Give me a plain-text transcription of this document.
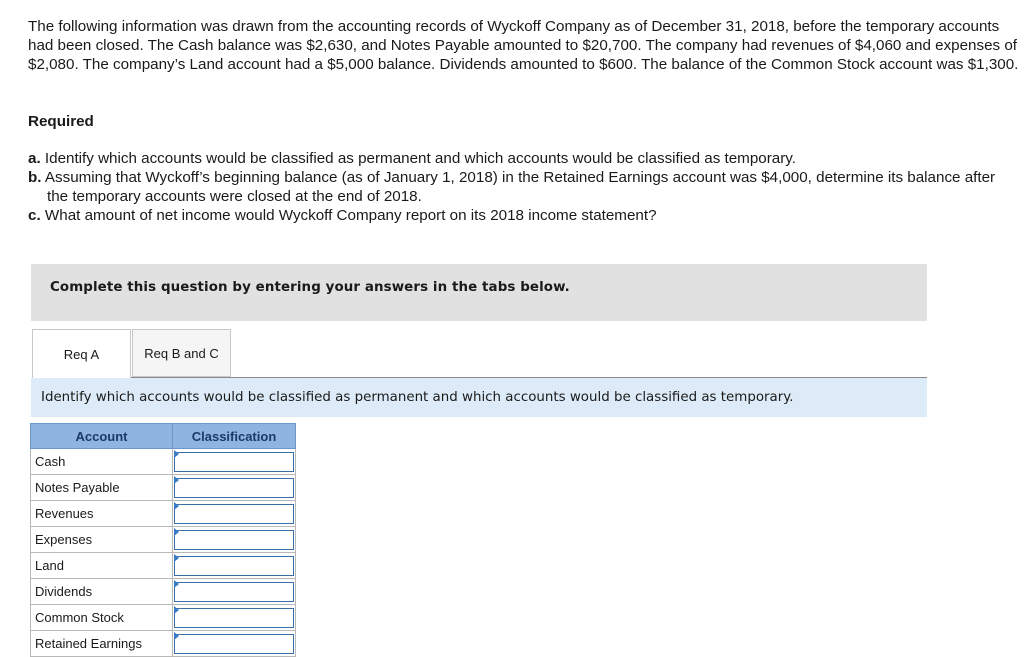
The following information was drawn from the accounting records of Wyckoff Company as of December 31, 2018, before the temporary accounts had been closed. The Cash balance was $2,630, and Notes Payable amounted to $20,700. The company had revenues of $4,060 and expenses of $2,080. The company’s Land account had a $5,000 balance. Dividends amounted to $600. The balance of the Common Stock account was $1,300.

Required

a. Identify which accounts would be classified as permanent and which accounts would be classified as temporary.
b. Assuming that Wyckoff’s beginning balance (as of January 1, 2018) in the Retained Earnings account was $4,000, determine its balance after the temporary accounts were closed at the end of 2018.
c. What amount of net income would Wyckoff Company report on its 2018 income statement?
Complete this question by entering your answers in the tabs below.
Req A	Req B and C
Identify which accounts would be classified as permanent and which accounts would be classified as temporary.
Account	Classification
Cash	

Notes Payable	

Revenues	

Expenses	

Land	

Dividends	

Common Stock	

Retained Earnings	
